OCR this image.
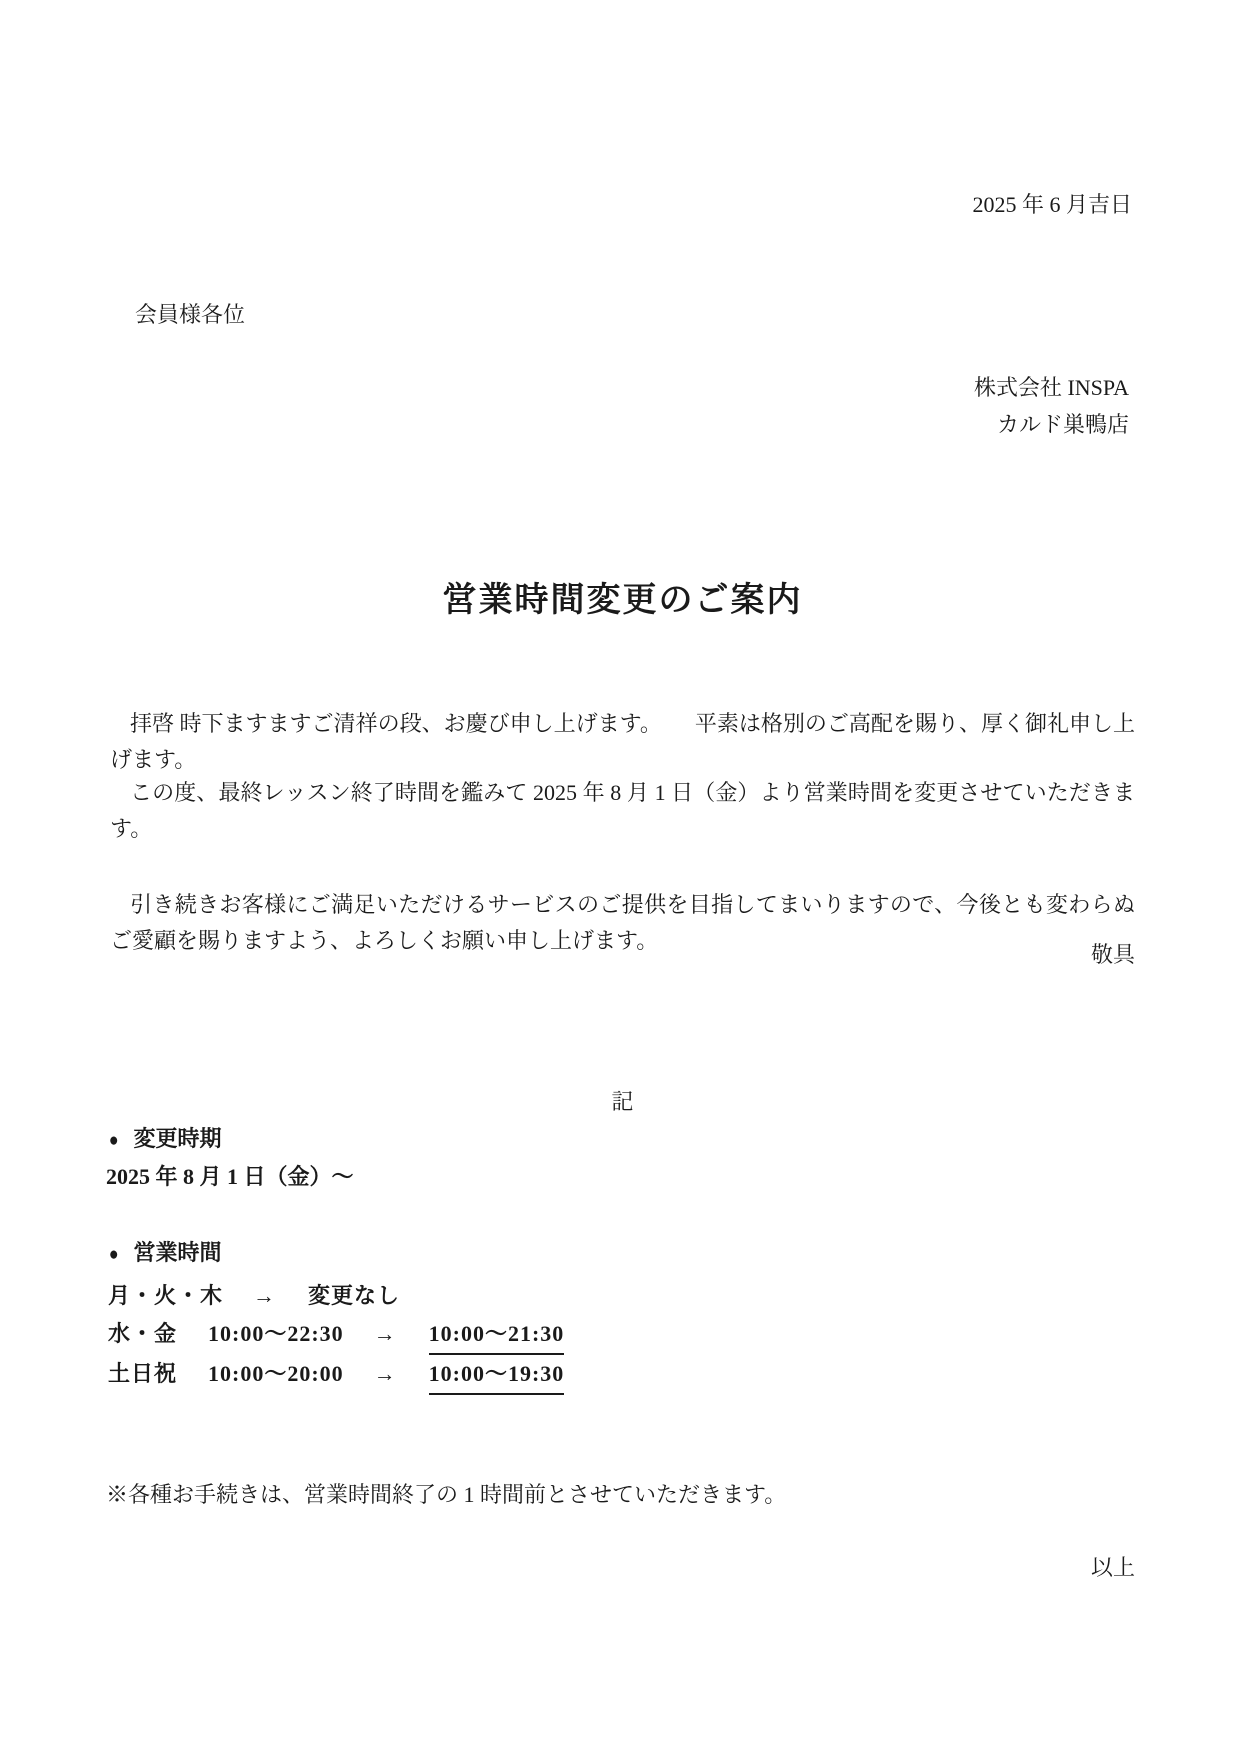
2025 年 6 月吉日
会員様各位
株式会社 INSPA
カルド巣鴨店
営業時間変更のご案内

拝啓 時下ますますご清祥の段、お慶び申し上げます。　　平素は格別のご高配を賜り、厚く御礼申し上げます。

この度、最終レッスン終了時間を鑑みて 2025 年 8 月 1 日（金）より営業時間を変更させていただきます。

引き続きお客様にご満足いただけるサービスのご提供を目指してまいりますので、今後とも変わらぬご愛顧を賜りますよう、よろしくお願い申し上げます。

敬具
記
● 変更時期
2025 年 8 月 1 日（金）～
● 営業時間
月・火・木 → 変更なし
水・金	10:00～22:30 → 10:00～21:30
土日祝	10:00～20:00 → 10:00～19:30
※各種お手続きは、営業時間終了の 1 時間前とさせていただきます。
以上
